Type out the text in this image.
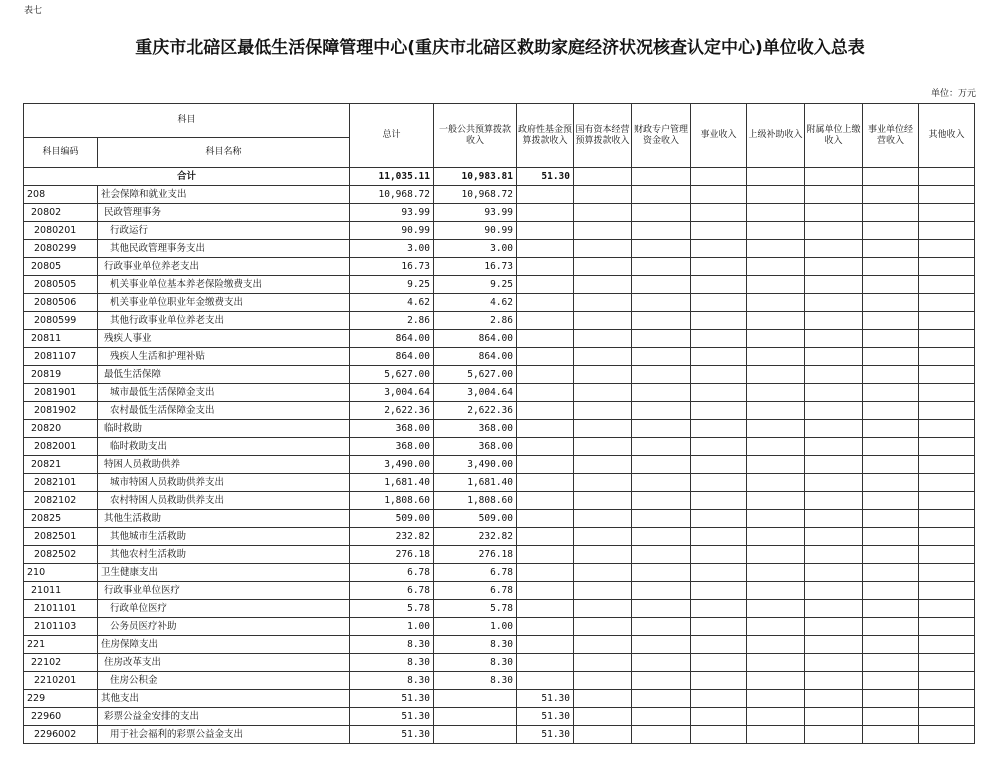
表七
重庆市北碚区最低生活保障管理中心(重庆市北碚区救助家庭经济状况核查认定中心)单位收入总表
单位：万元
科目		总计	一般公共预算拨款收入	政府性基金预算拨款收入	国有资本经营预算拨款收入	财政专户管理资金收入	事业收入	上级补助收入	附属单位上缴收入	事业单位经营收入	其他收入
科目编码	科目名称										
合计		11,035.11	10,983.81	51.30							
208	社会保障和就业支出	10,968.72	10,968.72								
20802	民政管理事务	93.99	93.99								
2080201	行政运行	90.99	90.99								
2080299	其他民政管理事务支出	3.00	3.00								
20805	行政事业单位养老支出	16.73	16.73								
2080505	机关事业单位基本养老保险缴费支出	9.25	9.25								
2080506	机关事业单位职业年金缴费支出	4.62	4.62								
2080599	其他行政事业单位养老支出	2.86	2.86								
20811	残疾人事业	864.00	864.00								
2081107	残疾人生活和护理补贴	864.00	864.00								
20819	最低生活保障	5,627.00	5,627.00								
2081901	城市最低生活保障金支出	3,004.64	3,004.64								
2081902	农村最低生活保障金支出	2,622.36	2,622.36								
20820	临时救助	368.00	368.00								
2082001	临时救助支出	368.00	368.00								
20821	特困人员救助供养	3,490.00	3,490.00								
2082101	城市特困人员救助供养支出	1,681.40	1,681.40								
2082102	农村特困人员救助供养支出	1,808.60	1,808.60								
20825	其他生活救助	509.00	509.00								
2082501	其他城市生活救助	232.82	232.82								
2082502	其他农村生活救助	276.18	276.18								
210	卫生健康支出	6.78	6.78								
21011	行政事业单位医疗	6.78	6.78								
2101101	行政单位医疗	5.78	5.78								
2101103	公务员医疗补助	1.00	1.00								
221	住房保障支出	8.30	8.30								
22102	住房改革支出	8.30	8.30								
2210201	住房公积金	8.30	8.30								
229	其他支出	51.30		51.30							
22960	彩票公益金安排的支出	51.30		51.30							
2296002	用于社会福利的彩票公益金支出	51.30		51.30							
